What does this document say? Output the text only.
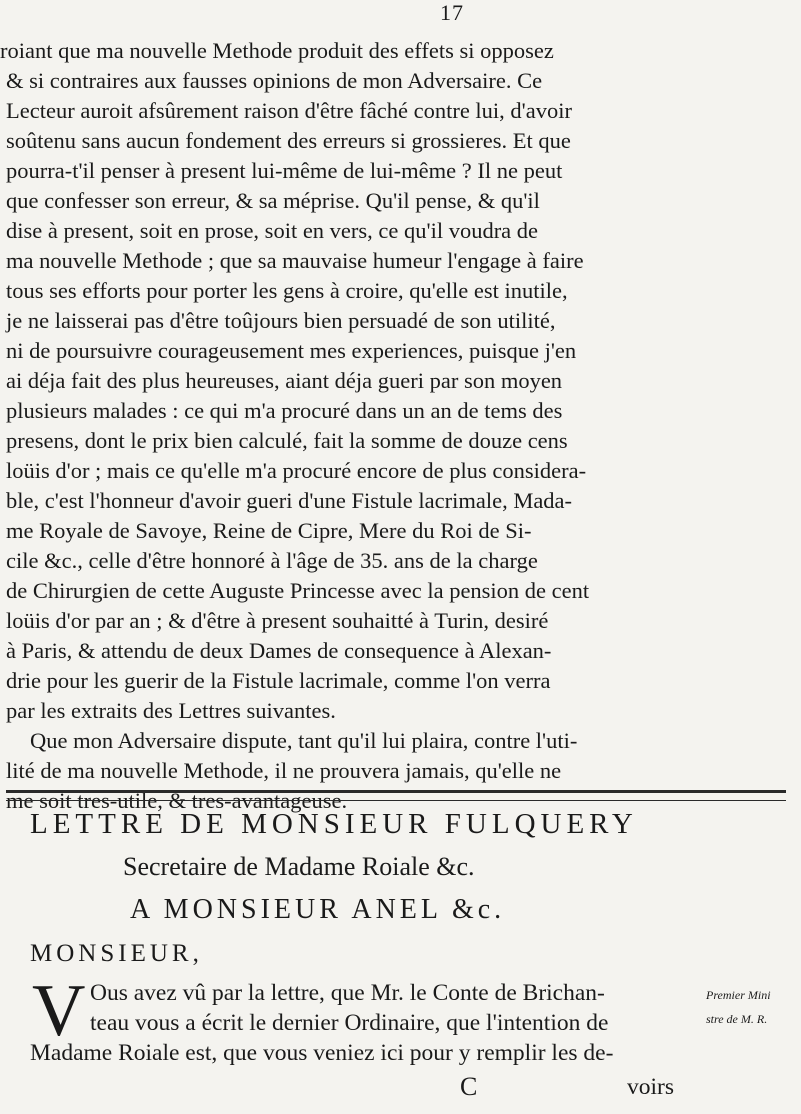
17
roiant que ma nouvelle Methode produit des effets si opposez
& si contraires aux fausses opinions de mon Adversaire. Ce
Lecteur auroit afsûrement raison d'être fâché contre lui, d'avoir
soûtenu sans aucun fondement des erreurs si grossieres. Et que
pourra-t'il penser à present lui-même de lui-même ? Il ne peut
que confesser son erreur, & sa méprise. Qu'il pense, & qu'il
dise à present, soit en prose, soit en vers, ce qu'il voudra de
ma nouvelle Methode ; que sa mauvaise humeur l'engage à faire
tous ses efforts pour porter les gens à croire, qu'elle est inutile,
je ne laisserai pas d'être toûjours bien persuadé de son utilité,
ni de poursuivre courageusement mes experiences, puisque j'en
ai déja fait des plus heureuses, aiant déja gueri par son moyen
plusieurs malades : ce qui m'a procuré dans un an de tems des
presens, dont le prix bien calculé, fait la somme de douze cens
loüis d'or ; mais ce qu'elle m'a procuré encore de plus considera-
ble, c'est l'honneur d'avoir gueri d'une Fistule lacrimale, Mada-
me Royale de Savoye, Reine de Cipre, Mere du Roi de Si-
cile &c., celle d'être honnoré à l'âge de 35. ans de la charge
de Chirurgien de cette Auguste Princesse avec la pension de cent
loüis d'or par an ; & d'être à present souhaitté à Turin, desiré
à Paris, & attendu de deux Dames de consequence à Alexan-
drie pour les guerir de la Fistule lacrimale, comme l'on verra
par les extraits des Lettres suivantes.
Que mon Adversaire dispute, tant qu'il lui plaira, contre l'uti-
lité de ma nouvelle Methode, il ne prouvera jamais, qu'elle ne
me soit tres-utile, & tres-avantageuse.
LETTRE DE MONSIEUR FULQUERY
Secretaire de Madame Roiale &c.
A MONSIEUR ANEL &c.
MONSIEUR,
V Ous avez vû par la lettre, que Mr. le Conte de Brichan-
teau vous a écrit le dernier Ordinaire, que l'intention de
Madame Roiale est, que vous veniez ici pour y remplir les de-
Premier Mini
stre de M. R.
C	voirs
